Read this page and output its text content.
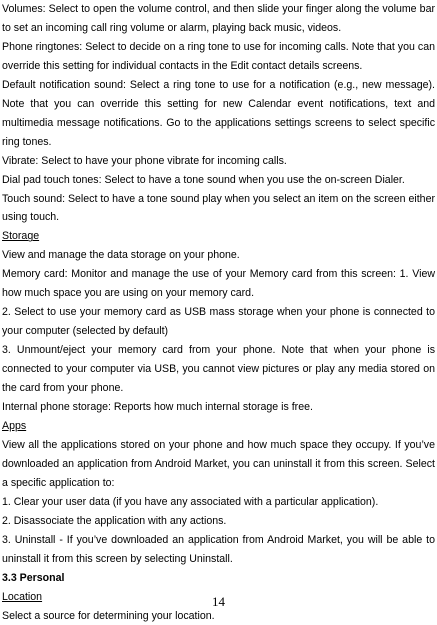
Volumes: Select to open the volume control, and then slide your finger along the volume bar to set an incoming call ring volume or alarm, playing back music, videos.

Phone ringtones: Select to decide on a ring tone to use for incoming calls. Note that you can override this setting for individual contacts in the Edit contact details screens.

Default notification sound: Select a ring tone to use for a notification (e.g., new message). Note that you can override this setting for new Calendar event notifications, text and multimedia message notifications. Go to the applications settings screens to select specific ring tones.

Vibrate: Select to have your phone vibrate for incoming calls.

Dial pad touch tones: Select to have a tone sound when you use the on-screen Dialer.

Touch sound: Select to have a tone sound play when you select an item on the screen either using touch.

Storage

View and manage the data storage on your phone.

Memory card: Monitor and manage the use of your Memory card from this screen: 1. View how much space you are using on your memory card.

2. Select to use your memory card as USB mass storage when your phone is connected to your computer (selected by default)

3. Unmount/eject your memory card from your phone. Note that when your phone is connected to your computer via USB, you cannot view pictures or play any media stored on the card from your phone.

Internal phone storage: Reports how much internal storage is free.

Apps

View all the applications stored on your phone and how much space they occupy. If you’ve downloaded an application from Android Market, you can uninstall it from this screen. Select a specific application to:

1. Clear your user data (if you have any associated with a particular application).

2. Disassociate the application with any actions.

3. Uninstall - If you’ve downloaded an application from Android Market, you will be able to uninstall it from this screen by selecting Uninstall.

3.3 Personal

Location

Select a source for determining your location.

14
